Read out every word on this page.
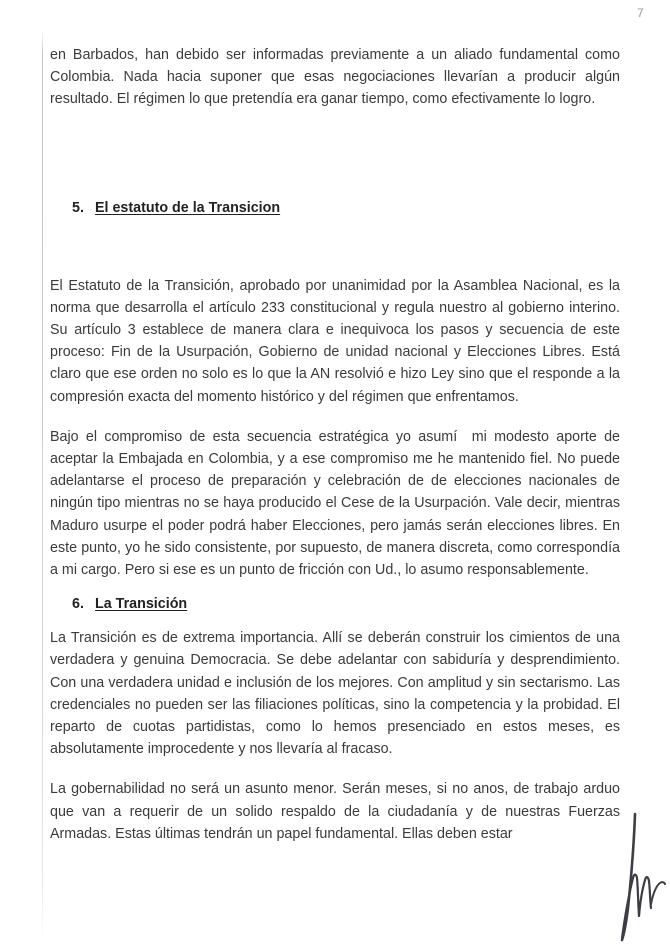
7

en Barbados, han debido ser informadas previamente a un aliado fundamental como Colombia. Nada hacia suponer que esas negociaciones llevarían a producir algún resultado. El régimen lo que pretendía era ganar tiempo, como efectivamente lo logro.

5. El estatuto de la Transicion

El Estatuto de la Transición, aprobado por unanimidad por la Asamblea Nacional, es la norma que desarrolla el artículo 233 constitucional y regula nuestro al gobierno interino. Su artículo 3 establece de manera clara e inequivoca los pasos y secuencia de este proceso: Fin de la Usurpación, Gobierno de unidad nacional y Elecciones Libres. Está claro que ese orden no solo es lo que la AN resolvió e hizo Ley sino que el responde a la compresión exacta del momento histórico y del régimen que enfrentamos.

Bajo el compromiso de esta secuencia estratégica yo asumí  mi modesto aporte de aceptar la Embajada en Colombia, y a ese compromiso me he mantenido fiel. No puede adelantarse el proceso de preparación y celebración de de elecciones nacionales de ningún tipo mientras no se haya producido el Cese de la Usurpación. Vale decir, mientras Maduro usurpe el poder podrá haber Elecciones, pero jamás serán elecciones libres. En este punto, yo he sido consistente, por supuesto, de manera discreta, como correspondía a mi cargo. Pero si ese es un punto de fricción con Ud., lo asumo responsablemente.

6. La Transición

La Transición es de extrema importancia. Allí se deberán construir los cimientos de una verdadera y genuina Democracia. Se debe adelantar con sabiduría y desprendimiento. Con una verdadera unidad e inclusión de los mejores. Con amplitud y sin sectarismo. Las credenciales no pueden ser las filiaciones políticas, sino la competencia y la probidad. El reparto de cuotas partidistas, como lo hemos presenciado en estos meses, es absolutamente improcedente y nos llevaría al fracaso.

La gobernabilidad no será un asunto menor. Serán meses, si no anos, de trabajo arduo que van a requerir de un solido respaldo de la ciudadanía y de nuestras Fuerzas Armadas. Estas últimas tendrán un papel fundamental. Ellas deben estar
